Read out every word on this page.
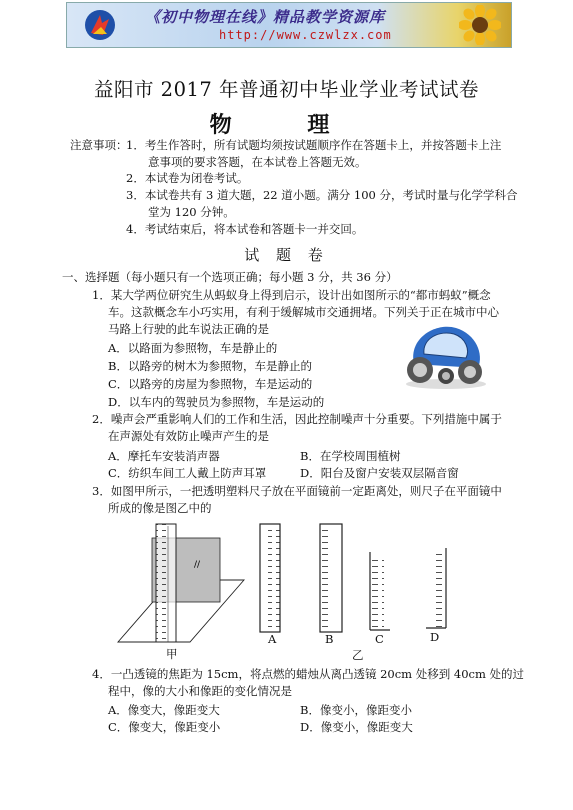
《初中物理在线》精品教学资源库
http://www.czwlzx.com
益阳市 2017 年普通初中毕业学业考试试卷
物 理
注意事项：
1．考生作答时，所有试题均须按试题顺序作在答题卡上，并按答题卡上注
意事项的要求答题，在本试卷上答题无效。
2．本试卷为闭卷考试。
3．本试卷共有 3 道大题，22 道小题。满分 100 分，考试时量与化学学科合
堂为 120 分钟。
4．考试结束后，将本试卷和答题卡一并交回。
试 题 卷
一、选择题（每小题只有一个选项正确；每小题 3 分，共 36 分）
1．某大学两位研究生从蚂蚁身上得到启示，设计出如图所示的“都市蚂蚁”概念
车。这款概念车小巧实用，有利于缓解城市交通拥堵。下列关于正在城市中心
马路上行驶的此车说法正确的是
A．以路面为参照物，车是静止的
B．以路旁的树木为参照物，车是静止的
C．以路旁的房屋为参照物，车是运动的
D．以车内的驾驶员为参照物，车是运动的
2．噪声会严重影响人们的工作和生活，因此控制噪声十分重要。下列措施中属于
在声源处有效防止噪声产生的是
A．摩托车安装消声器	B．在学校周围植树
C．纺织车间工人戴上防声耳罩	D．阳台及窗户安装双层隔音窗
3．如图甲所示，一把透明塑料尺子放在平面镜前一定距离处，则尺子在平面镜中
所成的像是图乙中的
//
A	B	C	D
甲	乙
4．一凸透镜的焦距为 15cm，将点燃的蜡烛从离凸透镜 20cm 处移到 40cm 处的过
程中，像的大小和像距的变化情况是
A．像变大，像距变大	B．像变小，像距变小
C．像变大，像距变小	D．像变小，像距变大
